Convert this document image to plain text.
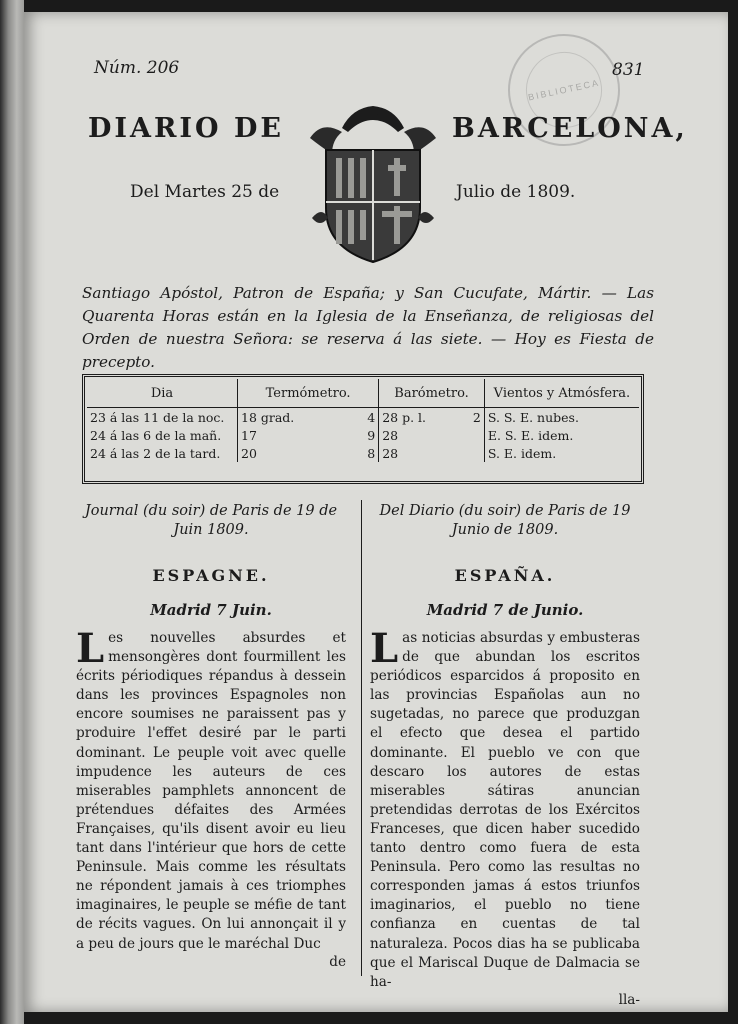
BIBLIOTECA
Núm. 206	831
DIARIO DE	BARCELONA,
Del Martes 25 de	Julio de 1809.
Santiago Apóstol, Patron de España; y San Cucufate, Mártir. — Las Quarenta Horas están en la Iglesia de la Enseñanza, de religiosas del Orden de nuestra Señora: se reserva á las siete. — Hoy es Fiesta de precepto.
Dia	Termómetro.		Barómetro.		Vientos y Atmósfera.
23 á las 11 de la noc.	18 grad.	4	28 p. l.	2	S. S. E. nubes.
24 á las 6 de la mañ.	17	9	28		E. S. E. idem.
24 á las 2 de la tard.	20	8	28		S. E. idem.
Journal (du soir) de Paris de 19 de Juin 1809.
ESPAGNE.
Madrid 7 Juin.
Les nouvelles absurdes et mensongères dont fourmillent les écrits périodiques répandus à dessein dans les provinces Espagnoles non encore soumises ne paraissent pas y produire l'effet desiré par le parti dominant. Le peuple voit avec quelle impudence les auteurs de ces miserables pamphlets annoncent de prétendues défaites des Armées Françaises, qu'ils disent avoir eu lieu tant dans l'intérieur que hors de cette Peninsule. Mais comme les résultats ne répondent jamais à ces triomphes imaginaires, le peuple se méfie de tant de récits vagues. On lui annonçait il y a peu de jours que le maréchal Duc
de
Del Diario (du soir) de Paris de 19 Junio de 1809.
ESPAÑA.
Madrid 7 de Junio.
Las noticias absurdas y embusteras de que abundan los escritos periódicos esparcidos á proposito en las provincias Españolas aun no sugetadas, no parece que produzgan el efecto que desea el partido dominante. El pueblo ve con que descaro los autores de estas miserables sátiras anuncian pretendidas derrotas de los Exércitos Franceses, que dicen haber sucedido tanto dentro como fuera de esta Peninsula. Pero como las resultas no corresponden jamas á estos triunfos imaginarios, el pueblo no tiene confianza en cuentas de tal naturaleza. Pocos dias ha se publicaba que el Mariscal Duque de Dalmacia se ha-
lla-
